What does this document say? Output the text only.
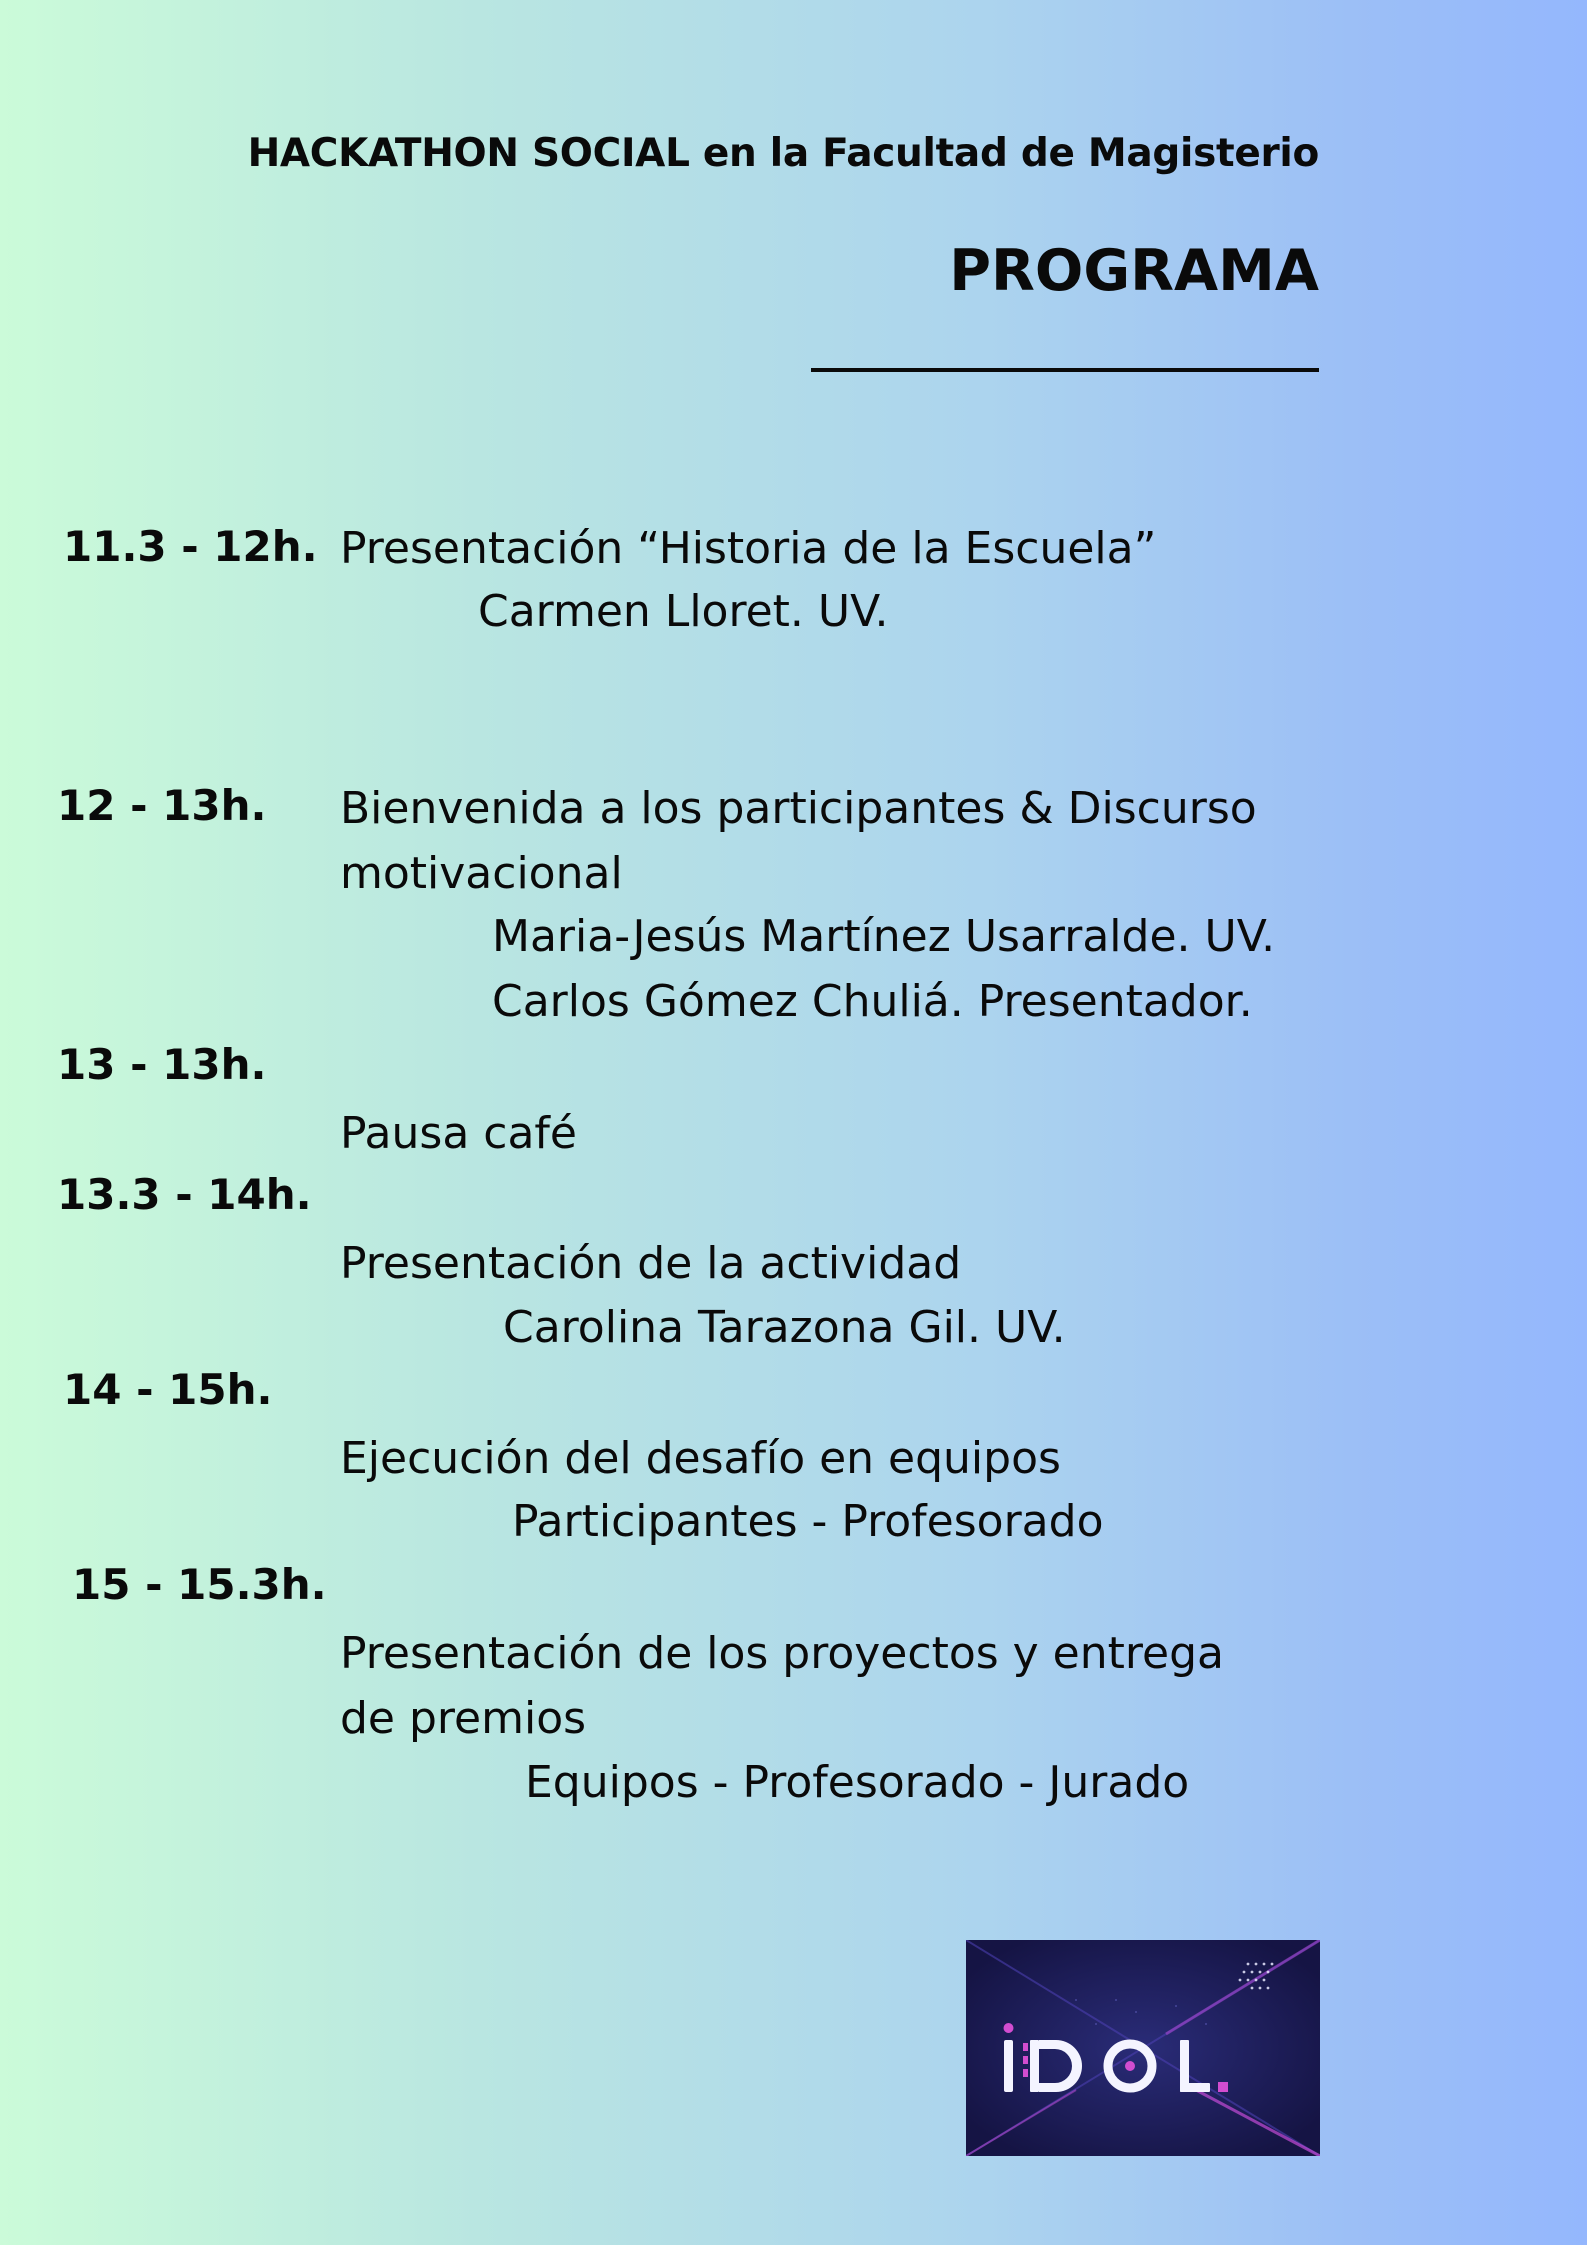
HACKATHON SOCIAL en la Facultad de Magisterio
PROGRAMA
11.3 - 12h. Presentación “Historia de la Escuela”
Carmen Lloret. UV.
12 - 13h. Bienvenida a los participantes & Discurso
motivacional
Maria-Jesús Martínez Usarralde. UV.
Carlos Gómez Chuliá. Presentador.
13 - 13h.
Pausa café
13.3 - 14h.
Presentación de la actividad
Carolina Tarazona Gil. UV.
14 - 15h.
Ejecución del desafío en equipos
Participantes - Profesorado
15 - 15.3h.
Presentación de los proyectos y entrega
de premios
Equipos - Profesorado - Jurado
